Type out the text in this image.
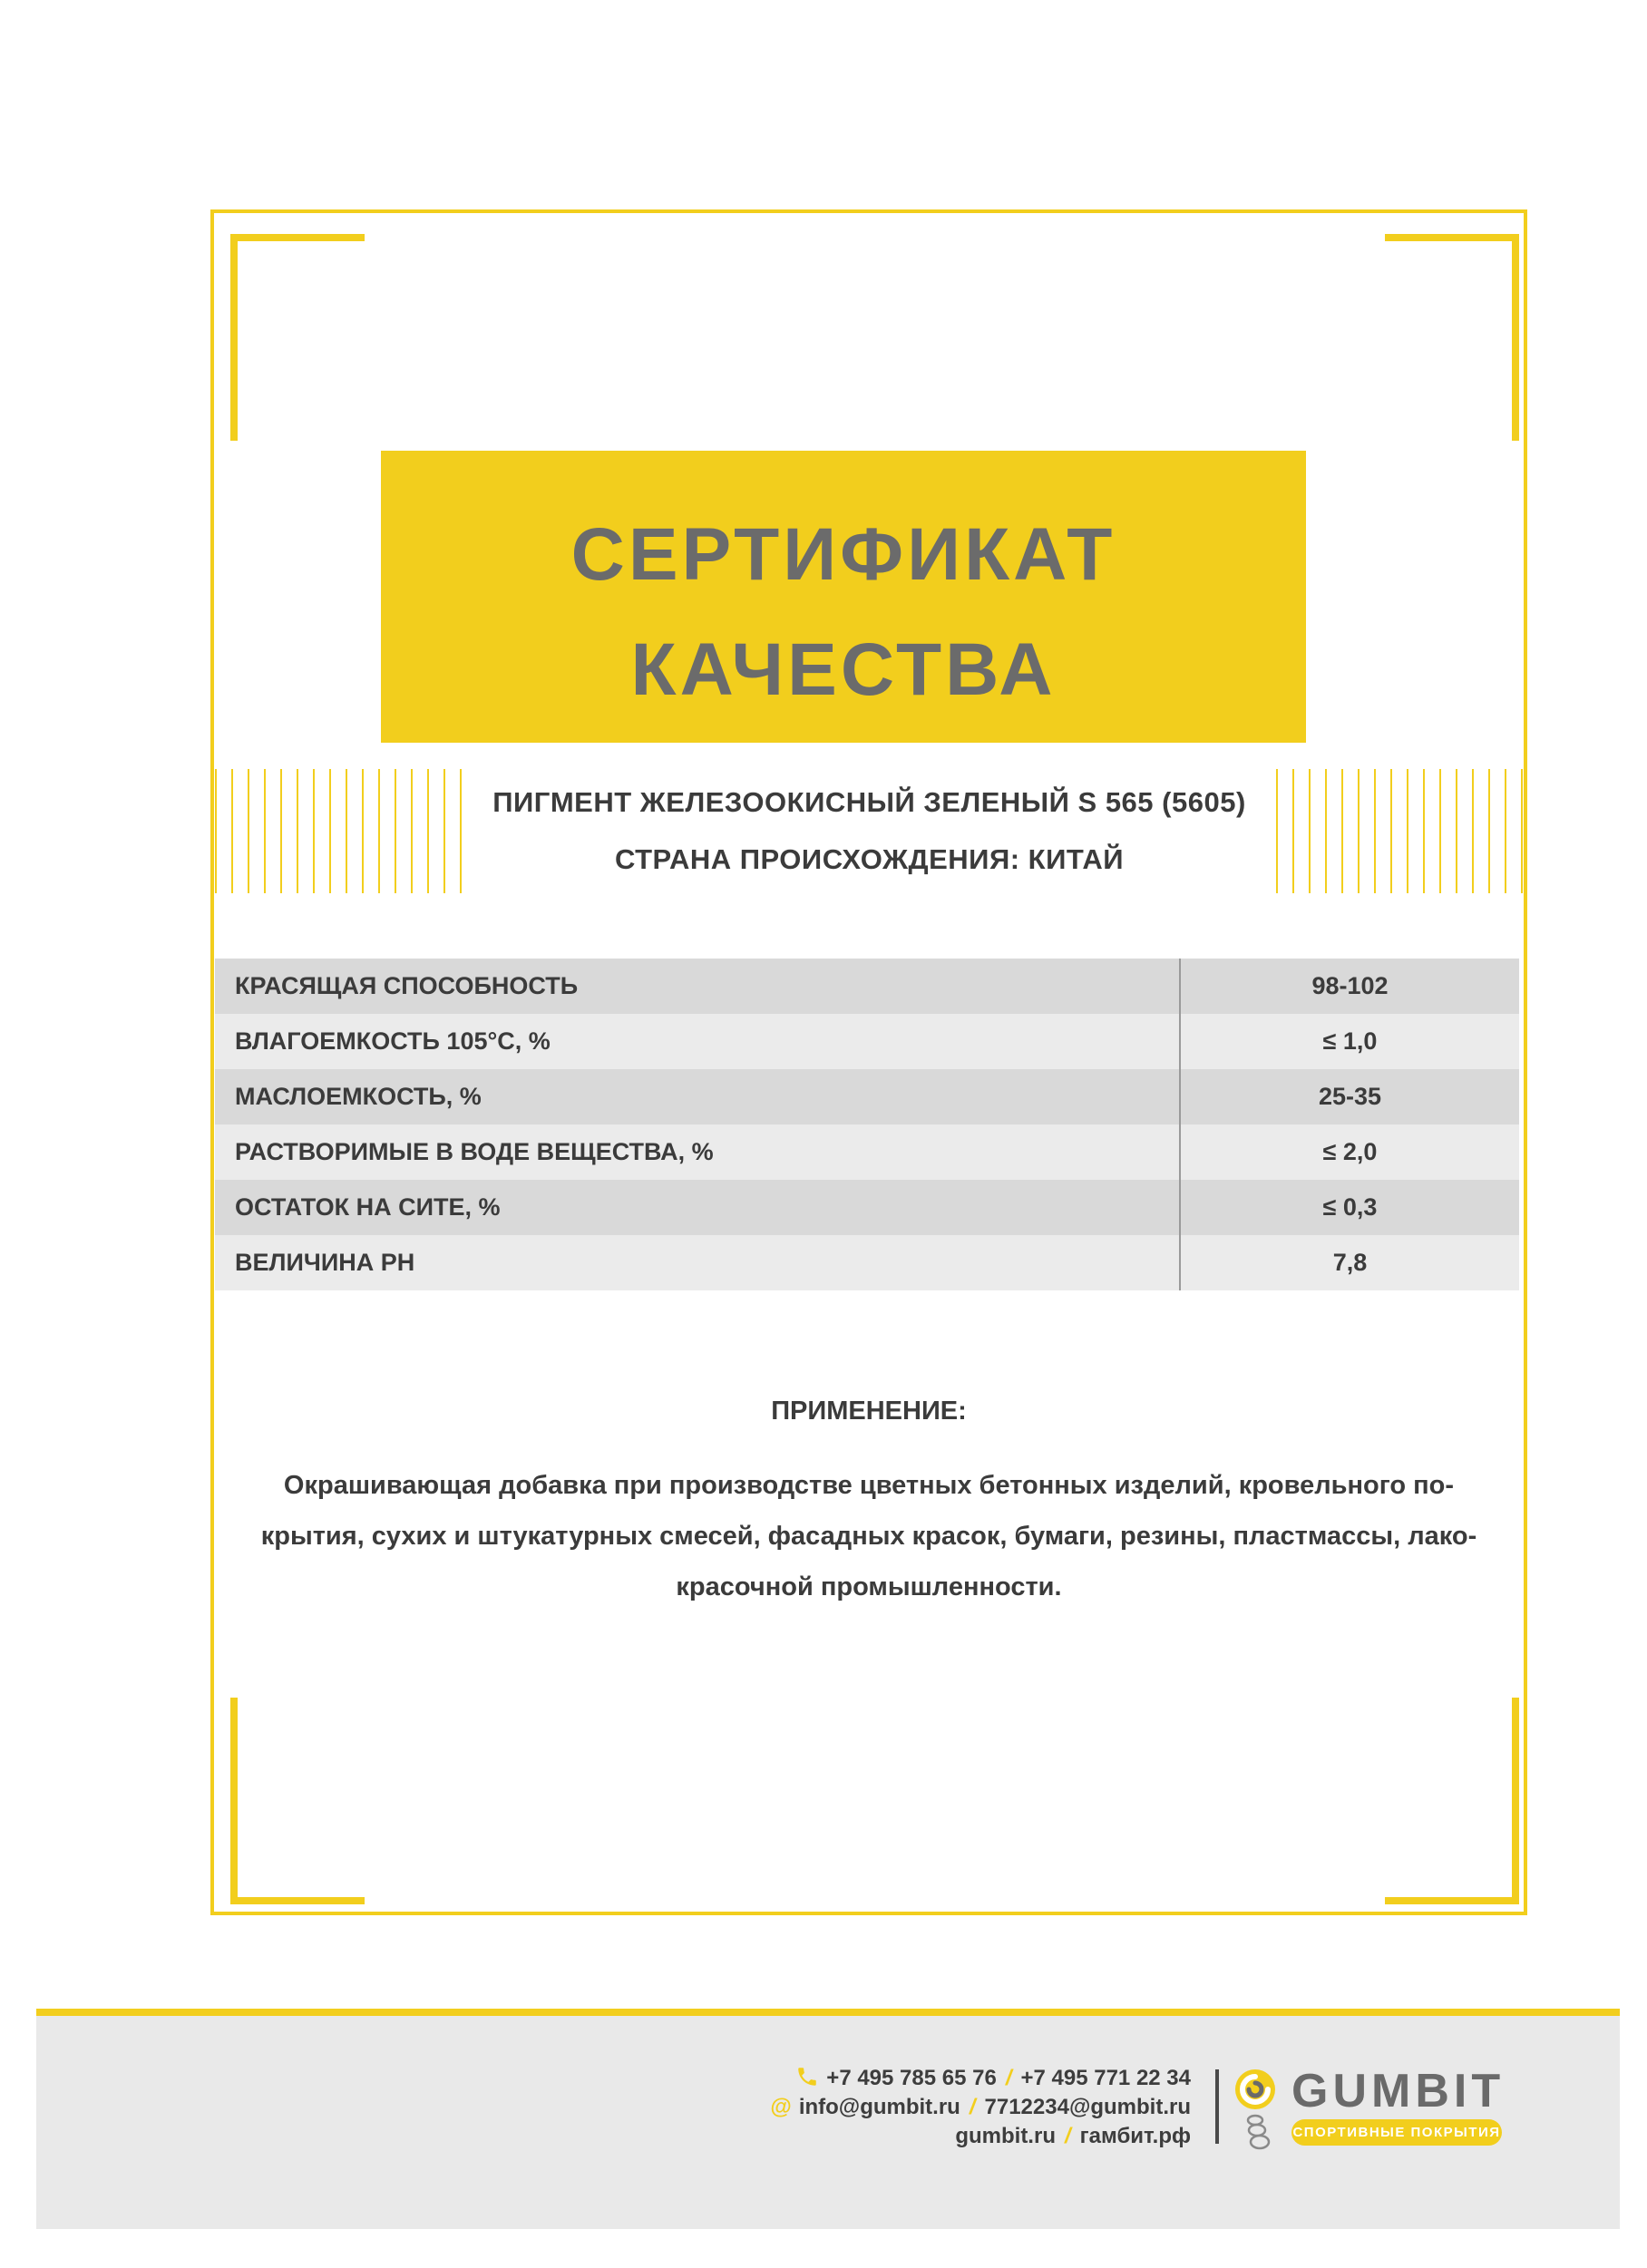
СЕРТИФИКАТ
КАЧЕСТВА
ПИГМЕНТ ЖЕЛЕЗООКИСНЫЙ ЗЕЛЕНЫЙ S 565 (5605)
СТРАНА ПРОИСХОЖДЕНИЯ: КИТАЙ
КРАСЯЩАЯ СПОСОБНОСТЬ	98-102
ВЛАГОЕМКОСТЬ 105°С, %	≤ 1,0
МАСЛОЕМКОСТЬ, %	25-35
РАСТВОРИМЫЕ В ВОДЕ ВЕЩЕСТВА, %	≤ 2,0
ОСТАТОК НА СИТЕ, %	≤ 0,3
ВЕЛИЧИНА PH	7,8
ПРИМЕНЕНИЕ:
Окрашивающая добавка при производстве цветных бетонных изделий, кровельного по-
крытия, сухих и штукатурных смесей, фасадных красок, бумаги, резины, пластмассы, лако-
красочной промышленности.
+7 495 785 65 76 / +7 495 771 22 34
@ info@gumbit.ru / 7712234@gumbit.ru
gumbit.ru / гамбит.рф
GUMBIT
СПОРТИВНЫЕ ПОКРЫТИЯ
